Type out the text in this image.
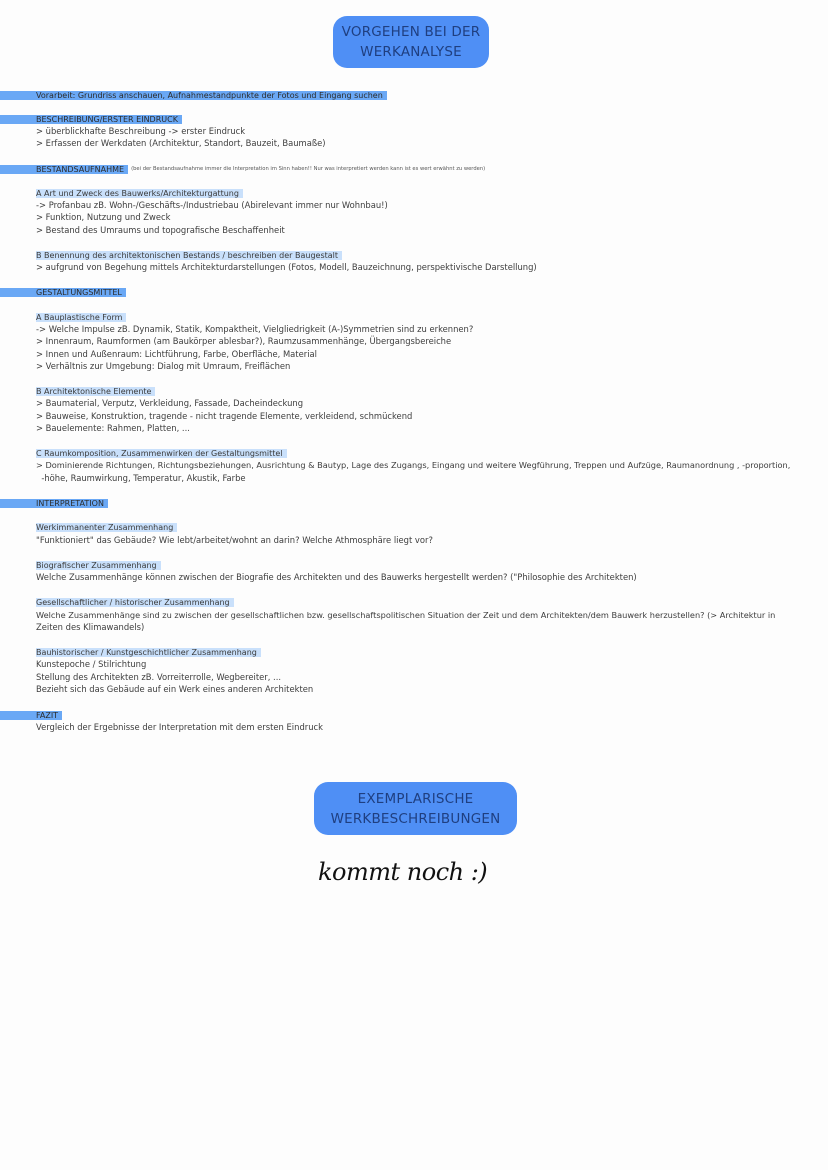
VORGEHEN BEI DER
WERKANALYSE
Vorarbeit: Grundriss anschauen, Aufnahmestandpunkte der Fotos und Eingang suchen
BESCHREIBUNG/ERSTER EINDRUCK
> überblickhafte Beschreibung -> erster Eindruck
> Erfassen der Werkdaten (Architektur, Standort, Bauzeit, Baumaße)
BESTANDSAUFNAHME (bei der Bestandsaufnahme immer die Interpretation im Sinn haben!! Nur was interpretiert werden kann ist es wert erwähnt zu werden)
A Art und Zweck des Bauwerks/Architekturgattung
-> Profanbau zB. Wohn-/Geschäfts-/Industriebau (Abirelevant immer nur Wohnbau!)
> Funktion, Nutzung und Zweck
> Bestand des Umraums und topografische Beschaffenheit
B Benennung des architektonischen Bestands / beschreiben der Baugestalt
> aufgrund von Begehung mittels Architekturdarstellungen (Fotos, Modell, Bauzeichnung, perspektivische Darstellung)
GESTALTUNGSMITTEL
A Bauplastische Form
-> Welche Impulse zB. Dynamik, Statik, Kompaktheit, Vielgliedrigkeit (A-)Symmetrien sind zu erkennen?
> Innenraum, Raumformen (am Baukörper ablesbar?), Raumzusammenhänge, Übergangsbereiche
> Innen und Außenraum: Lichtführung, Farbe, Oberfläche, Material
> Verhältnis zur Umgebung: Dialog mit Umraum, Freiflächen
B Architektonische Elemente
> Baumaterial, Verputz, Verkleidung, Fassade, Dacheindeckung
> Bauweise, Konstruktion, tragende - nicht tragende Elemente, verkleidend, schmückend
> Bauelemente: Rahmen, Platten, ...
C Raumkomposition, Zusammenwirken der Gestaltungsmittel
> Dominierende Richtungen, Richtungsbeziehungen, Ausrichtung & Bautyp, Lage des Zugangs, Eingang und weitere Wegführung, Treppen und Aufzüge, Raumanordnung , -proportion,
-höhe, Raumwirkung, Temperatur, Akustik, Farbe
INTERPRETATION
Werkimmanenter Zusammenhang
"Funktioniert" das Gebäude? Wie lebt/arbeitet/wohnt an darin? Welche Athmosphäre liegt vor?
Biografischer Zusammenhang
Welche Zusammenhänge können zwischen der Biografie des Architekten und des Bauwerks hergestellt werden? ("Philosophie des Architekten)
Gesellschaftlicher / historischer Zusammenhang
Welche Zusammenhänge sind zu zwischen der gesellschaftlichen bzw. gesellschaftspolitischen Situation der Zeit und dem Architekten/dem Bauwerk herzustellen? (> Architektur in
Zeiten des Klimawandels)
Bauhistorischer / Kunstgeschichtlicher Zusammenhang
Kunstepoche / Stilrichtung
Stellung des Architekten zB. Vorreiterrolle, Wegbereiter, ...
Bezieht sich das Gebäude auf ein Werk eines anderen Architekten
FAZIT
Vergleich der Ergebnisse der Interpretation mit dem ersten Eindruck
EXEMPLARISCHE
WERKBESCHREIBUNGEN
kommt noch :)
